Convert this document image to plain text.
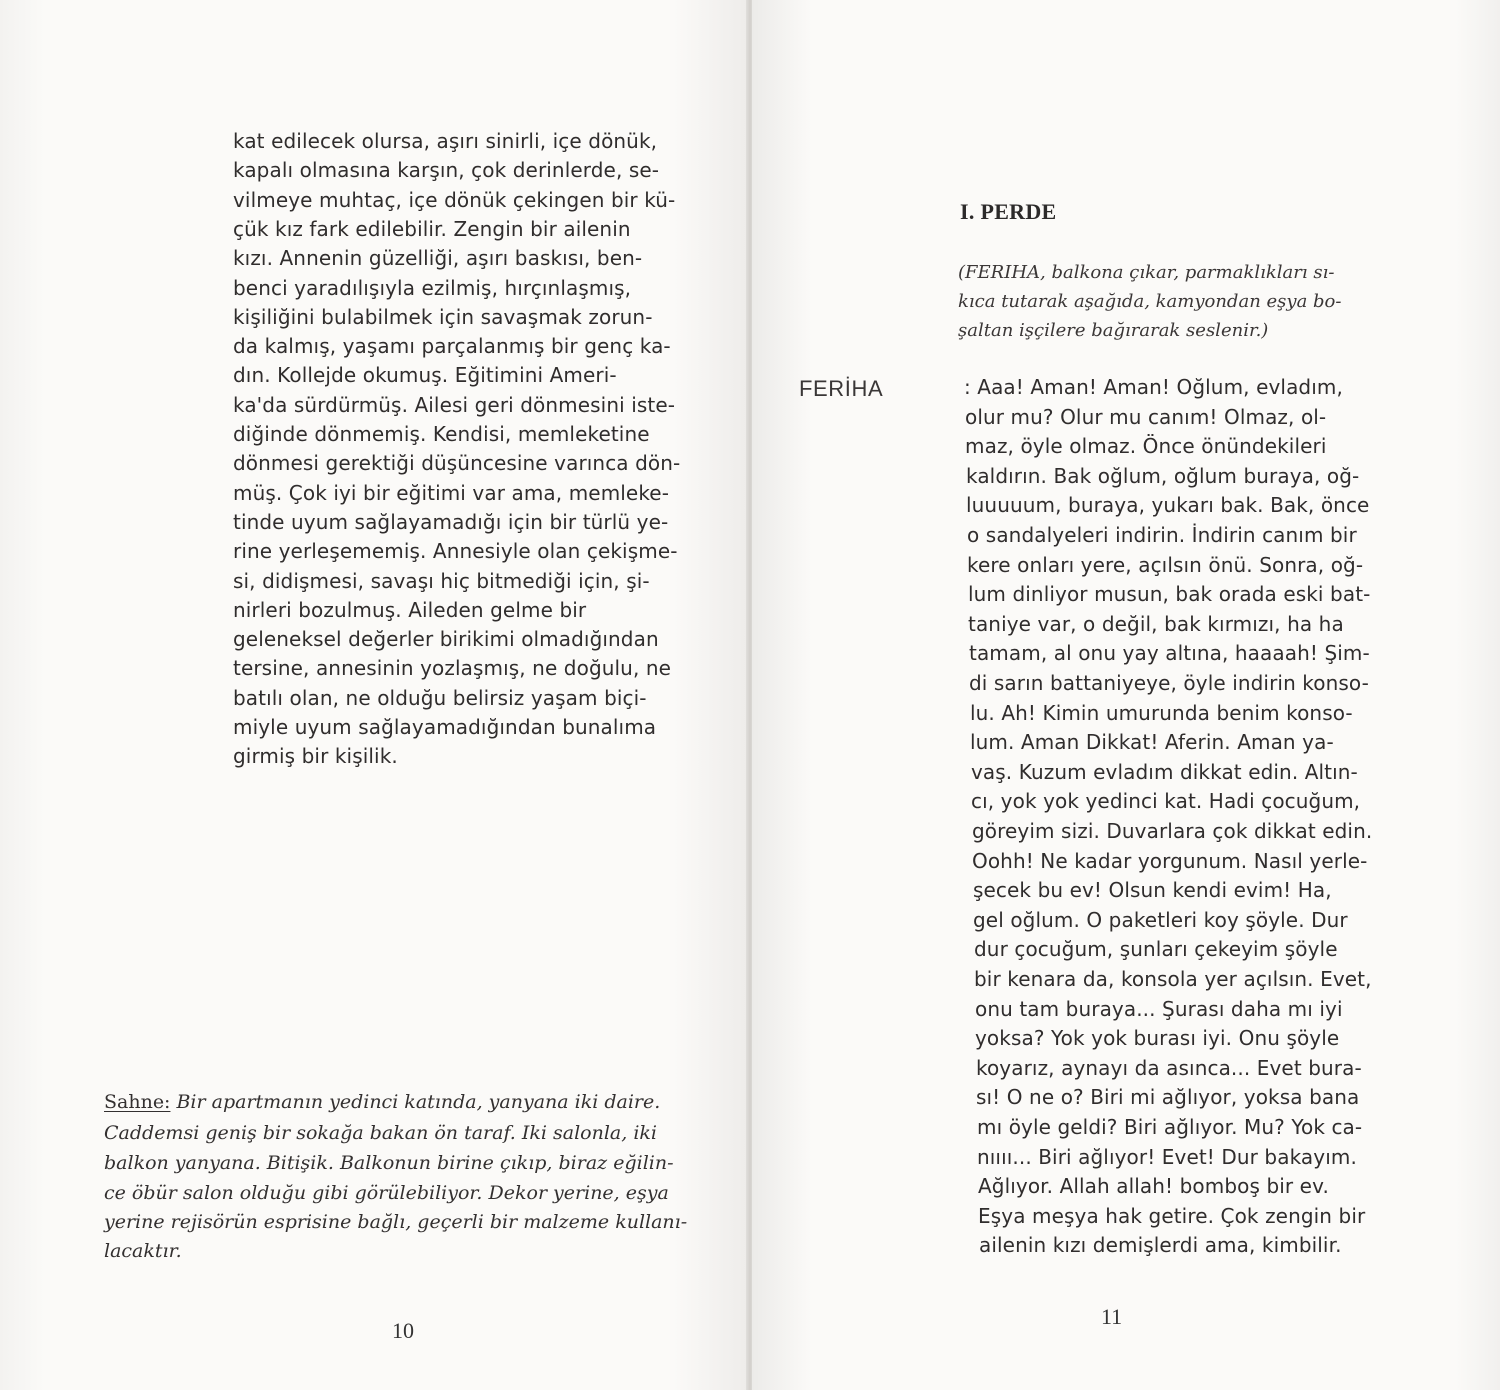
kat edilecek olursa, aşırı sinirli, içe dönük,
kapalı olmasına karşın, çok derinlerde, se-
vilmeye muhtaç, içe dönük çekingen bir kü-
çük kız fark edilebilir. Zengin bir ailenin
kızı. Annenin güzelliği, aşırı baskısı, ben-
benci yaradılışıyla ezilmiş, hırçınlaşmış,
kişiliğini bulabilmek için savaşmak zorun-
da kalmış, yaşamı parçalanmış bir genç ka-
dın. Kollejde okumuş. Eğitimini Ameri-
ka'da sürdürmüş. Ailesi geri dönmesini iste-
diğinde dönmemiş. Kendisi, memleketine
dönmesi gerektiği düşüncesine varınca dön-
müş. Çok iyi bir eğitimi var ama, memleke-
tinde uyum sağlayamadığı için bir türlü ye-
rine yerleşememiş. Annesiyle olan çekişme-
si, didişmesi, savaşı hiç bitmediği için, şi-
nirleri bozulmuş. Aileden gelme bir
geleneksel değerler birikimi olmadığından
tersine, annesinin yozlaşmış, ne doğulu, ne
batılı olan, ne olduğu belirsiz yaşam biçi-
miyle uyum sağlayamadığından bunalıma
girmiş bir kişilik.
Sahne: Bir apartmanın yedinci katında, yanyana iki daire.
Caddemsi geniş bir sokağa bakan ön taraf. Iki salonla, iki
balkon yanyana. Bitişik. Balkonun birine çıkıp, biraz eğilin-
ce öbür salon olduğu gibi görülebiliyor. Dekor yerine, eşya
yerine rejisörün esprisine bağlı, geçerli bir malzeme kullanı-
lacaktır.
10
I. PERDE
(FERIHA, balkona çıkar, parmaklıkları sı-
kıca tutarak aşağıda, kamyondan eşya bo-
şaltan işçilere bağırarak seslenir.)
FERİHA	: Aaa! Aman! Aman! Oğlum, evladım,
olur mu? Olur mu canım! Olmaz, ol-
maz, öyle olmaz. Önce önündekileri
kaldırın. Bak oğlum, oğlum buraya, oğ-
luuuuum, buraya, yukarı bak. Bak, önce
o sandalyeleri indirin. İndirin canım bir
kere onları yere, açılsın önü. Sonra, oğ-
lum dinliyor musun, bak orada eski bat-
taniye var, o değil, bak kırmızı, ha ha
tamam, al onu yay altına, haaaah! Şim-
di sarın battaniyeye, öyle indirin konso-
lu. Ah! Kimin umurunda benim konso-
lum. Aman Dikkat! Aferin. Aman ya-
vaş. Kuzum evladım dikkat edin. Altın-
cı, yok yok yedinci kat. Hadi çocuğum,
göreyim sizi. Duvarlara çok dikkat edin.
Oohh! Ne kadar yorgunum. Nasıl yerle-
şecek bu ev! Olsun kendi evim! Ha,
gel oğlum. O paketleri koy şöyle. Dur
dur çocuğum, şunları çekeyim şöyle
bir kenara da, konsola yer açılsın. Evet,
onu tam buraya... Şurası daha mı iyi
yoksa? Yok yok burası iyi. Onu şöyle
koyarız, aynayı da asınca... Evet bura-
sı! O ne o? Biri mi ağlıyor, yoksa bana
mı öyle geldi? Biri ağlıyor. Mu? Yok ca-
nıııı... Biri ağlıyor! Evet! Dur bakayım.
Ağlıyor. Allah allah! bomboş bir ev.
Eşya meşya hak getire. Çok zengin bir
ailenin kızı demişlerdi ama, kimbilir.
11
